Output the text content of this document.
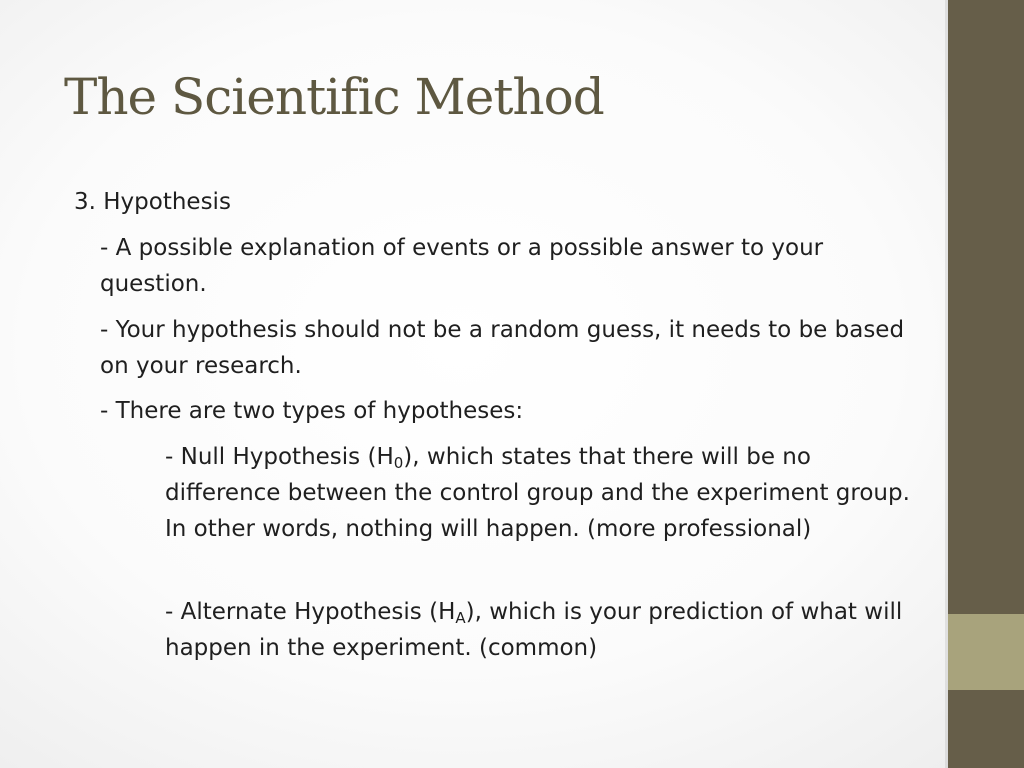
The Scientific Method

3. Hypothesis

- A possible explanation of events or a possible answer to your question.

- Your hypothesis should not be a random guess, it needs to be based on your research.

- There are two types of hypotheses:

- Null Hypothesis $(H_0)$, which states that there will be no difference between the control group and the experiment group. In other words, nothing will happen. (more professional)

- Alternate Hypothesis $(H_A)$, which is your prediction of what will happen in the experiment. (common)
